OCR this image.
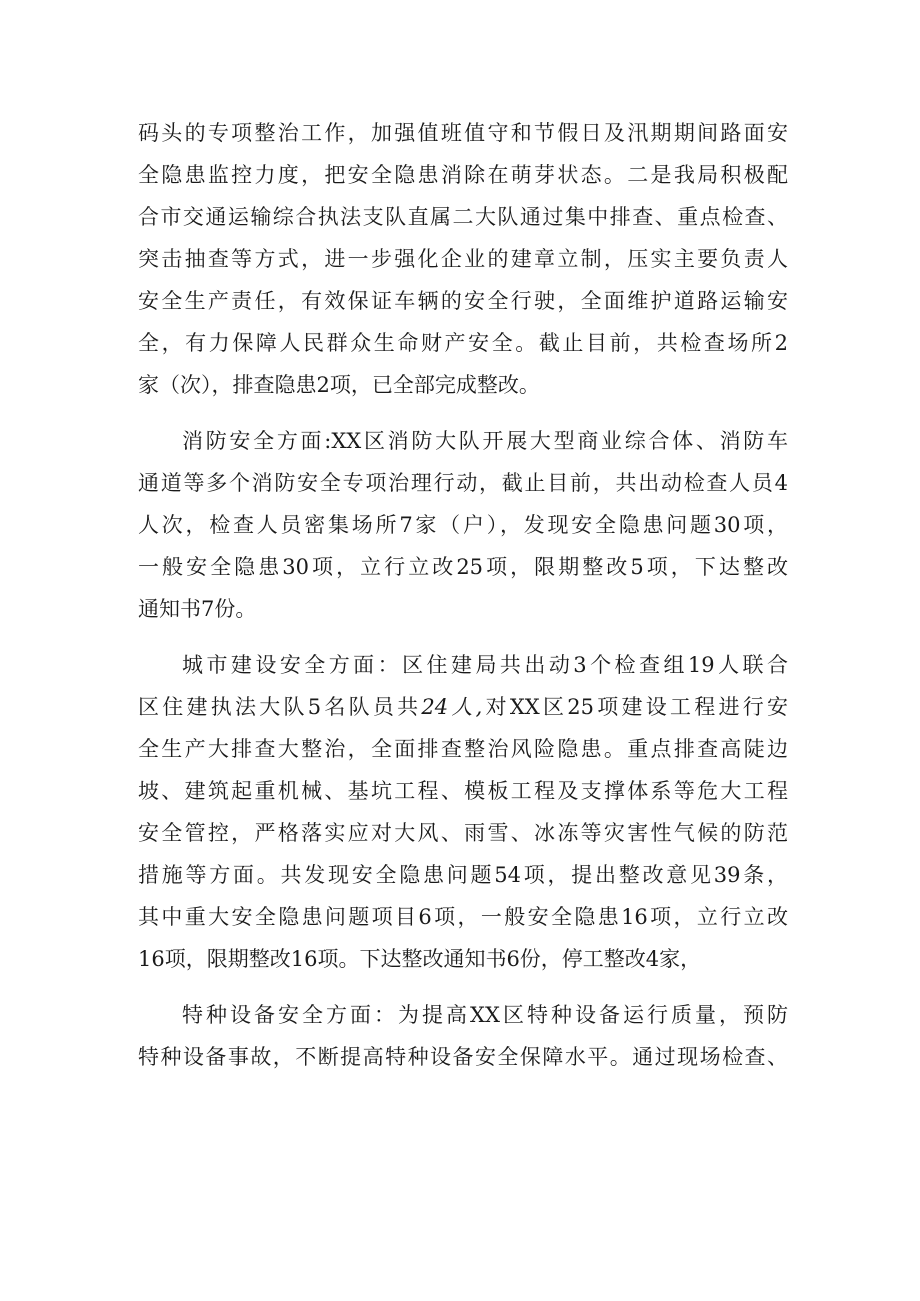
码头的专项整治工作，加强值班值守和节假日及汛期期间路面安
全隐患监控力度，把安全隐患消除在萌芽状态。二是我局积极配
合市交通运输综合执法支队直属二大队通过集中排查、重点检查、
突击抽查等方式，进一步强化企业的建章立制，压实主要负责人
安全生产责任，有效保证车辆的安全行驶，全面维护道路运输安
全，有力保障人民群众生命财产安全。截止目前，共检查场所2
家（次），排查隐患2项，已全部完成整改。
消防安全方面:XX区消防大队开展大型商业综合体、消防车
通道等多个消防安全专项治理行动，截止目前，共出动检查人员4
人次，检查人员密集场所7家（户），发现安全隐患问题30项，
一般安全隐患30项，立行立改25项，限期整改5项，下达整改
通知书7份。
城市建设安全方面：区住建局共出动3个检查组19人联合
区住建执法大队5名队员共24人,对XX区25项建设工程进行安
全生产大排查大整治，全面排查整治风险隐患。重点排查高陡边
坡、建筑起重机械、基坑工程、模板工程及支撑体系等危大工程
安全管控，严格落实应对大风、雨雪、冰冻等灾害性气候的防范
措施等方面。共发现安全隐患问题54项，提出整改意见39条，
其中重大安全隐患问题项目6项，一般安全隐患16项，立行立改
16项，限期整改16项。下达整改通知书6份，停工整改4家，
特种设备安全方面：为提高XX区特种设备运行质量，预防
特种设备事故，不断提高特种设备安全保障水平。通过现场检查、
